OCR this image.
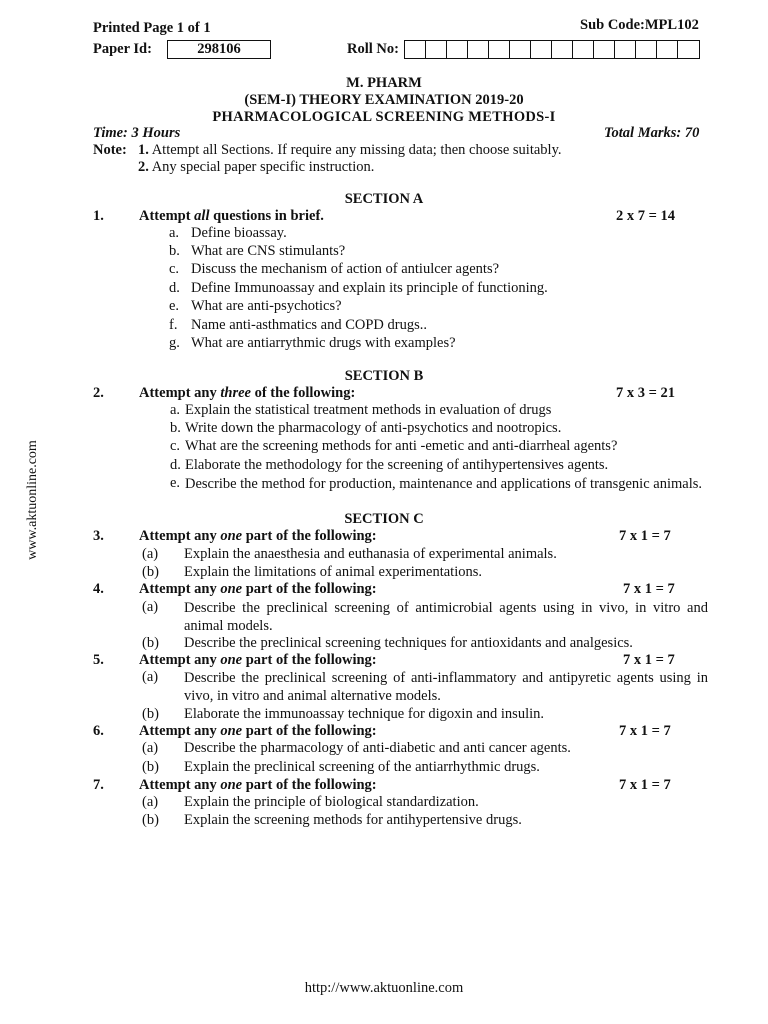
Printed Page 1 of 1	Sub Code:MPL102
Paper Id:	298106	Roll No:
M. PHARM
(SEM-I) THEORY EXAMINATION 2019-20
PHARMACOLOGICAL SCREENING METHODS-I
Time: 3 Hours	Total Marks: 70
Note: 1. Attempt all Sections. If require any missing data; then choose suitably.
2. Any special paper specific instruction.
SECTION A
1. Attempt all questions in brief.	2 x 7 = 14
a. Define bioassay.
b. What are CNS stimulants?
c. Discuss the mechanism of action of antiulcer agents?
d. Define Immunoassay and explain its principle of functioning.
e. What are anti-psychotics?
f. Name anti-asthmatics and COPD drugs..
g. What are antiarrythmic drugs with examples?
SECTION B
2. Attempt any three of the following:	7 x 3 = 21
a. Explain the statistical treatment methods in evaluation of drugs
b. Write down the pharmacology of anti-psychotics and nootropics.
c. What are the screening methods for anti -emetic and anti-diarrheal agents?
d. Elaborate the methodology for the screening of antihypertensives agents.
e. Describe the method for production, maintenance and applications of transgenic animals.
SECTION C
3. Attempt any one part of the following:	7 x 1 = 7
(a) Explain the anaesthesia and euthanasia of experimental animals.
(b) Explain the limitations of animal experimentations.
4. Attempt any one part of the following:	7 x 1 = 7
(a) Describe the preclinical screening of antimicrobial agents using in vivo, in vitro and animal models.
(b) Describe the preclinical screening techniques for antioxidants and analgesics.
5. Attempt any one part of the following:	7 x 1 = 7
(a) Describe the preclinical screening of anti-inflammatory and antipyretic agents using in vivo, in vitro and animal alternative models.
(b) Elaborate the immunoassay technique for digoxin and insulin.
6. Attempt any one part of the following:	7 x 1 = 7
(a) Describe the pharmacology of anti-diabetic and anti cancer agents.
(b) Explain the preclinical screening of the antiarrhythmic drugs.
7. Attempt any one part of the following:	7 x 1 = 7
(a) Explain the principle of biological standardization.
(b) Explain the screening methods for antihypertensive drugs.
www.aktuonline.com
http://www.aktuonline.com
